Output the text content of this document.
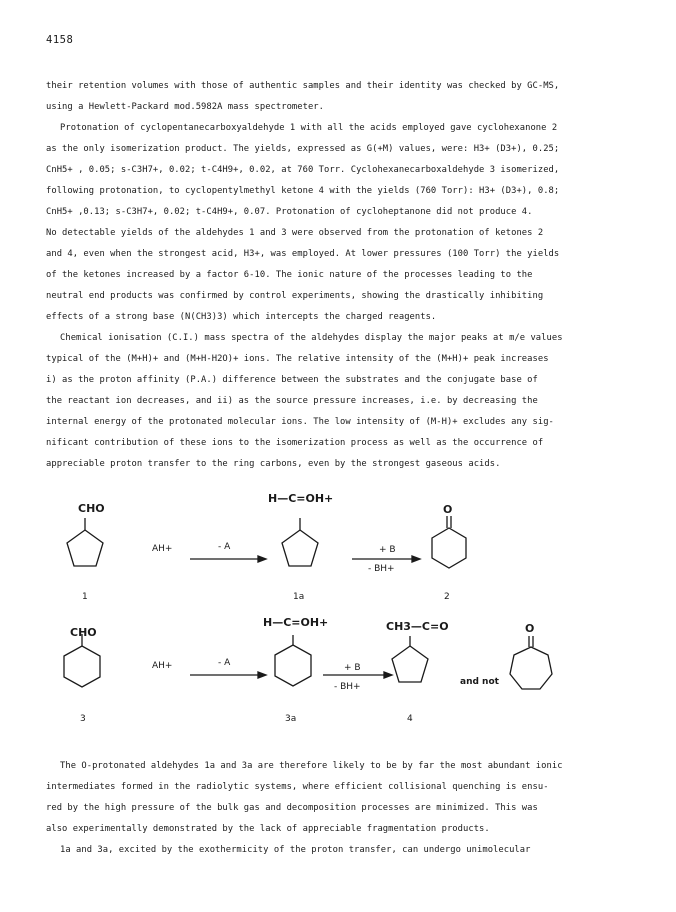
4158
their retention volumes with those of authentic samples and their identity was checked by GC-MS,
using a Hewlett-Packard mod.5982A mass spectrometer.
Protonation of cyclopentanecarboxyaldehyde 1 with all the acids employed gave cyclohexanone 2
as the only isomerization product. The yields, expressed as G(+M) values, were: H3+ (D3+), 0.25;
CnH5+ , 0.05; s-C3H7+, 0.02; t-C4H9+, 0.02, at 760 Torr. Cyclohexanecarboxaldehyde 3 isomerized,
following protonation, to cyclopentylmethyl ketone 4 with the yields (760 Torr): H3+ (D3+), 0.8;
CnH5+ ,0.13; s-C3H7+, 0.02; t-C4H9+, 0.07. Protonation of cycloheptanone did not produce 4.
No detectable yields of the aldehydes 1 and 3 were observed from the protonation of ketones 2
and 4, even when the strongest acid, H3+, was employed. At lower pressures (100 Torr) the yields
of the ketones increased by a factor 6-10. The ionic nature of the processes leading to the
neutral end products was confirmed by control experiments, showing the drastically inhibiting
effects of a strong base (N(CH3)3) which intercepts the charged reagents.
Chemical ionisation (C.I.) mass spectra of the aldehydes display the major peaks at m/e values
typical of the (M+H)+ and (M+H-H2O)+ ions. The relative intensity of the (M+H)+ peak increases
i) as the proton affinity (P.A.) difference between the substrates and the conjugate base of
the reactant ion decreases, and ii) as the source pressure increases, i.e. by decreasing the
internal energy of the protonated molecular ions. The low intensity of (M-H)+ excludes any sig-
nificant contribution of these ions to the isomerization process as well as the occurrence of
appreciable proton transfer to the ring carbons, even by the strongest gaseous acids.
CHO
AH+	- A
H—C=OH+
+ B
- BH+
O
1	1a	2
CHO
AH+	- A
H—C=OH+
+ B
- BH+
CH3—C=O
and not
O
3	3a	4
The O-protonated aldehydes 1a and 3a are therefore likely to be by far the most abundant ionic
intermediates formed in the radiolytic systems, where efficient collisional quenching is ensu-
red by the high pressure of the bulk gas and decomposition processes are minimized. This was
also experimentally demonstrated by the lack of appreciable fragmentation products.
1a and 3a, excited by the exothermicity of the proton transfer, can undergo unimolecular
